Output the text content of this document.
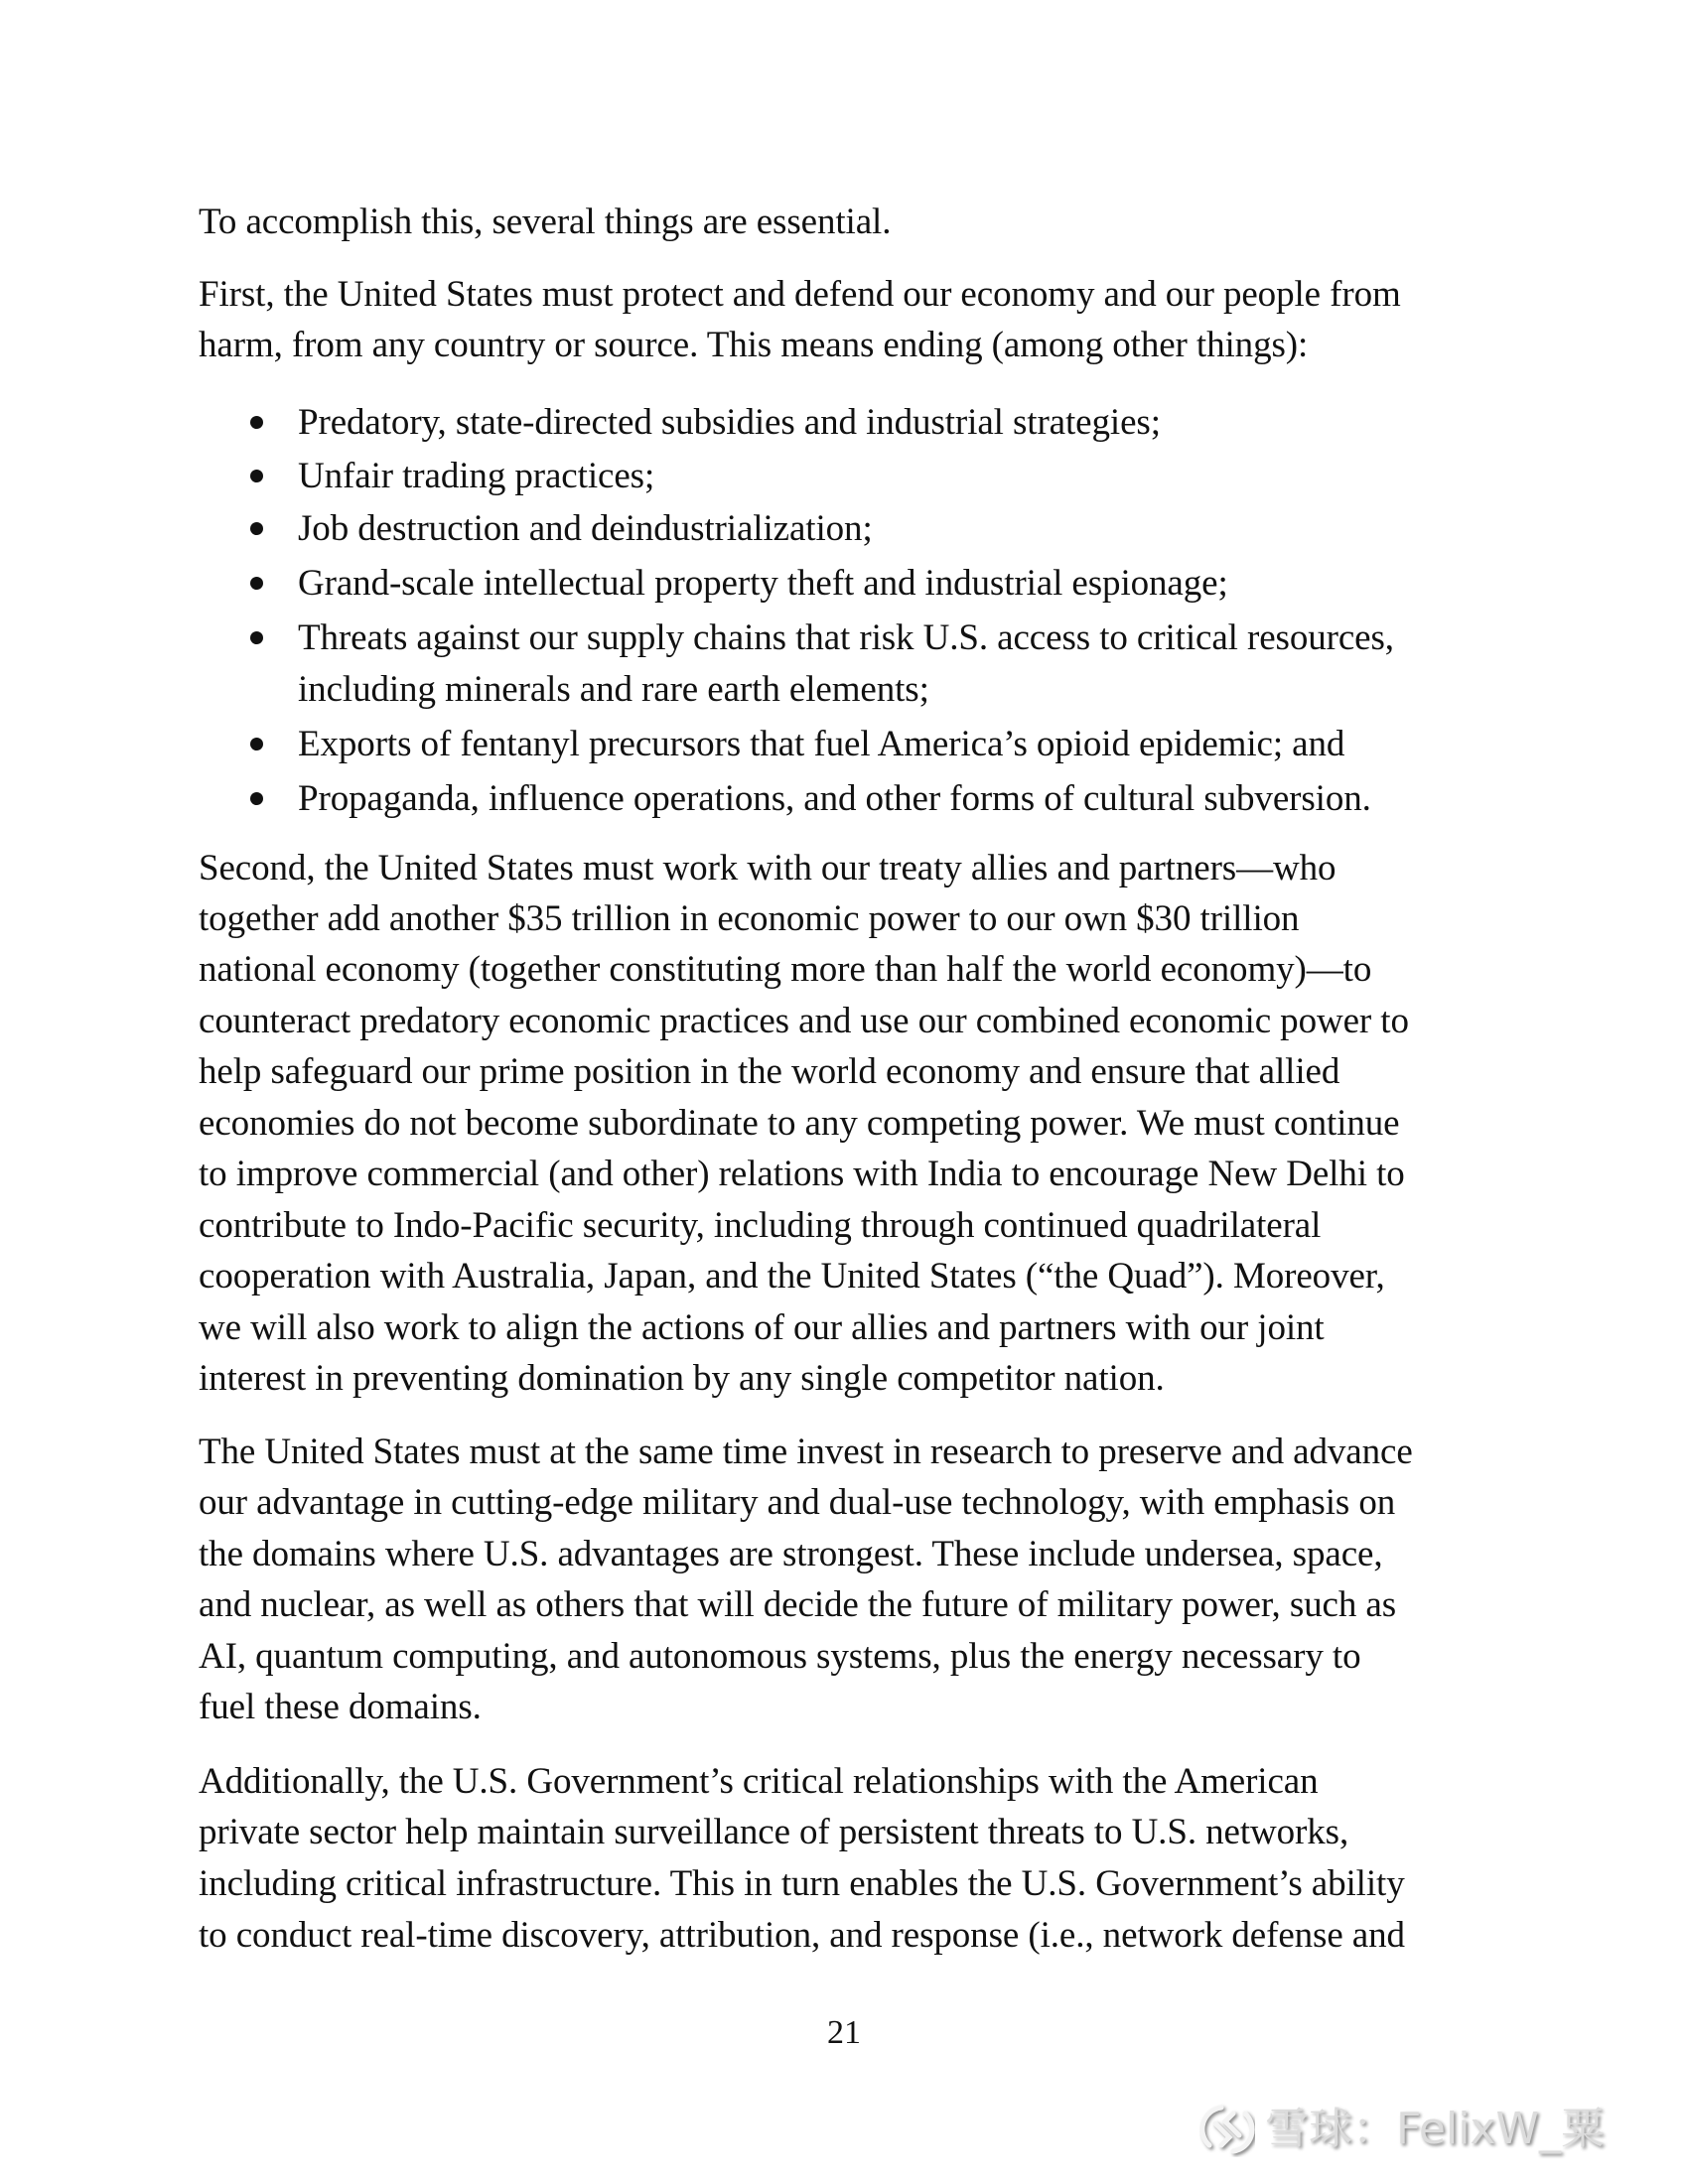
To accomplish this, several things are essential.
First, the United States must protect and defend our economy and our people from
harm, from any country or source. This means ending (among other things):
Predatory, state-directed subsidies and industrial strategies;
Unfair trading practices;
Job destruction and deindustrialization;
Grand-scale intellectual property theft and industrial espionage;
Threats against our supply chains that risk U.S. access to critical resources,
including minerals and rare earth elements;
Exports of fentanyl precursors that fuel America’s opioid epidemic; and
Propaganda, influence operations, and other forms of cultural subversion.
Second, the United States must work with our treaty allies and partners—who
together add another $35 trillion in economic power to our own $30 trillion
national economy (together constituting more than half the world economy)—to
counteract predatory economic practices and use our combined economic power to
help safeguard our prime position in the world economy and ensure that allied
economies do not become subordinate to any competing power. We must continue
to improve commercial (and other) relations with India to encourage New Delhi to
contribute to Indo-Pacific security, including through continued quadrilateral
cooperation with Australia, Japan, and the United States (“the Quad”). Moreover,
we will also work to align the actions of our allies and partners with our joint
interest in preventing domination by any single competitor nation.
The United States must at the same time invest in research to preserve and advance
our advantage in cutting-edge military and dual-use technology, with emphasis on
the domains where U.S. advantages are strongest. These include undersea, space,
and nuclear, as well as others that will decide the future of military power, such as
AI, quantum computing, and autonomous systems, plus the energy necessary to
fuel these domains.
Additionally, the U.S. Government’s critical relationships with the American
private sector help maintain surveillance of persistent threats to U.S. networks,
including critical infrastructure. This in turn enables the U.S. Government’s ability
to conduct real-time discovery, attribution, and response (i.e., network defense and
21
雪球：FelixW_粟
